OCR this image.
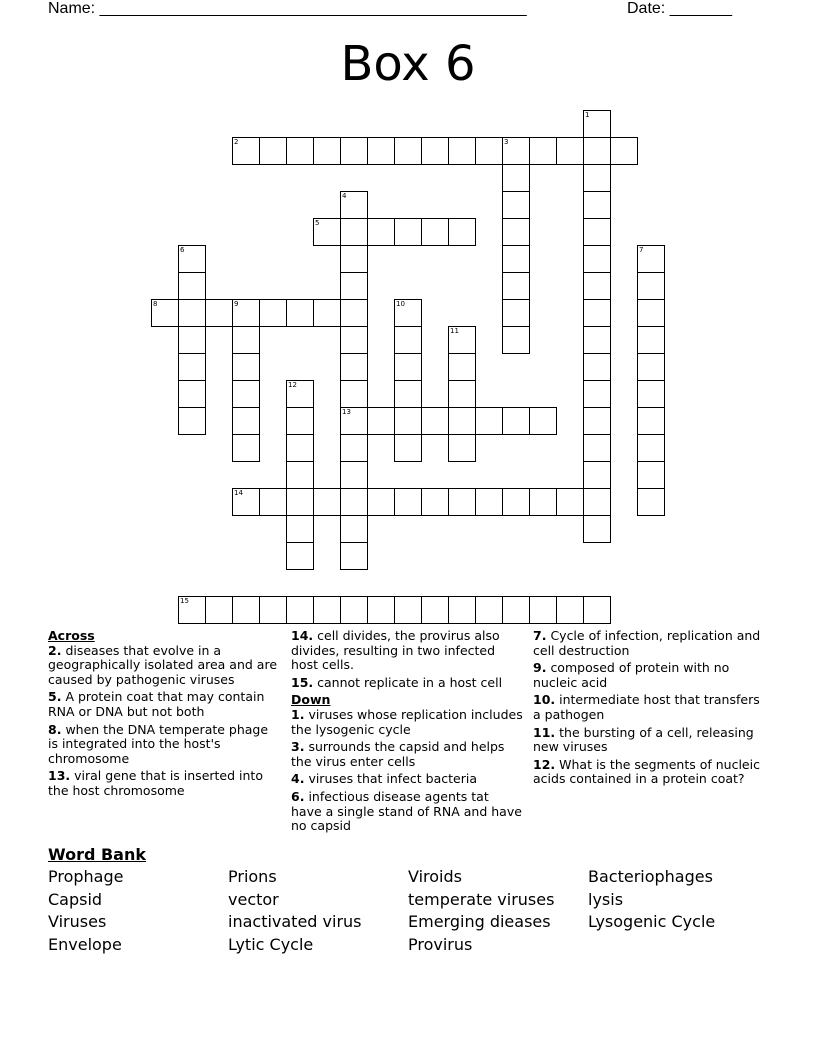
Name: ________________________________________________	Date: _______
Box 6
1
2	3
4
13
5
6	7
8	9	10
11
12
14
15
Across
2. diseases that evolve in a geographically isolated area and are caused by pathogenic viruses
5. A protein coat that may contain RNA or DNA but not both
8. when the DNA temperate phage is integrated into the host's chromosome
13. viral gene that is inserted into the host chromosome
14. cell divides, the provirus also divides, resulting in two infected host cells.
15. cannot replicate in a host cell
Down
1. viruses whose replication includes the lysogenic cycle
3. surrounds the capsid and helps the virus enter cells
4. viruses that infect bacteria
6. infectious disease agents tat have a single stand of RNA and have no capsid
7. Cycle of infection, replication and cell destruction
9. composed of protein with no nucleic acid
10. intermediate host that transfers a pathogen
11. the bursting of a cell, releasing new viruses
12. What is the segments of nucleic acids contained in a protein coat?
Word Bank
Prophage
Capsid
Viruses
Envelope
Prions
vector
inactivated virus
Lytic Cycle
Viroids
temperate viruses
Emerging dieases
Provirus
Bacteriophages
lysis
Lysogenic Cycle
